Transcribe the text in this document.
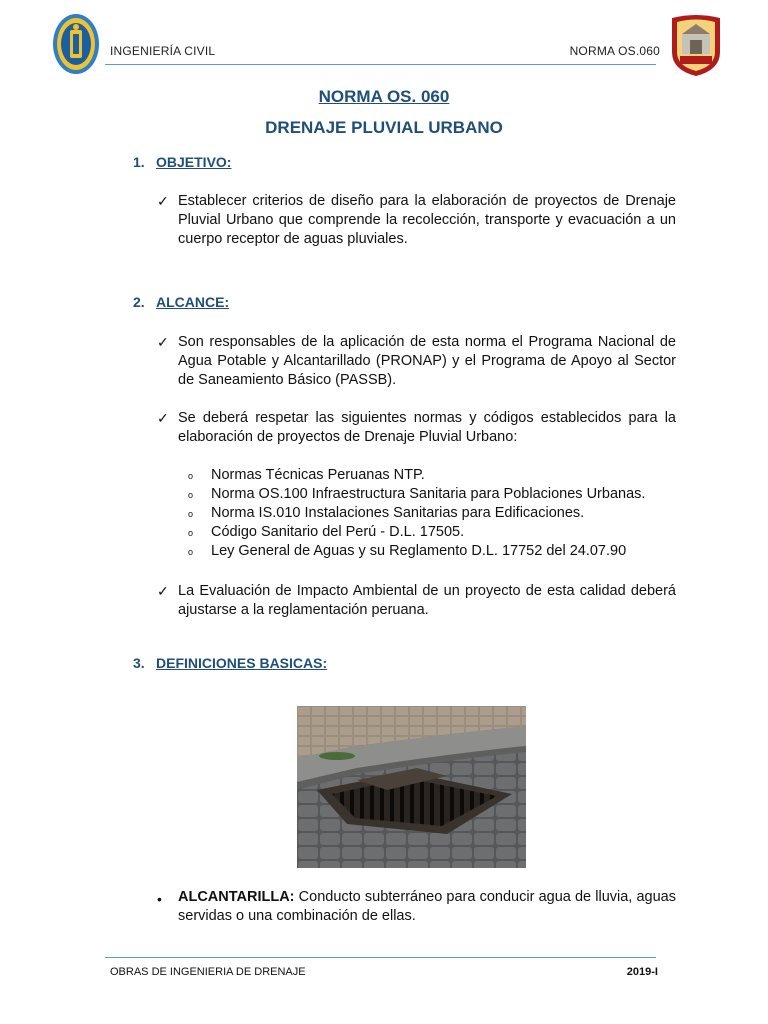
INGENIERÍA CIVIL	NORMA OS.060
NORMA OS. 060
DRENAJE PLUVIAL URBANO
1. OBJETIVO:
✓ Establecer criterios de diseño para la elaboración de proyectos de Drenaje Pluvial Urbano que comprende la recolección, transporte y evacuación a un cuerpo receptor de aguas pluviales.
2. ALCANCE:
✓ Son responsables de la aplicación de esta norma el Programa Nacional de Agua Potable y Alcantarillado (PRONAP) y el Programa de Apoyo al Sector de Saneamiento Básico (PASSB).
✓ Se deberá respetar las siguientes normas y códigos establecidos para la elaboración de proyectos de Drenaje Pluvial Urbano:
o Normas Técnicas Peruanas NTP.
o Norma OS.100 Infraestructura Sanitaria para Poblaciones Urbanas.
o Norma IS.010 Instalaciones Sanitarias para Edificaciones.
o Código Sanitario del Perú - D.L. 17505.
o Ley General de Aguas y su Reglamento D.L. 17752 del 24.07.90
✓ La Evaluación de Impacto Ambiental de un proyecto de esta calidad deberá ajustarse a la reglamentación peruana.
3. DEFINICIONES BASICAS:
• ALCANTARILLA: Conducto subterráneo para conducir agua de lluvia, aguas servidas o una combinación de ellas.
OBRAS DE INGENIERIA DE DRENAJE	2019-I
